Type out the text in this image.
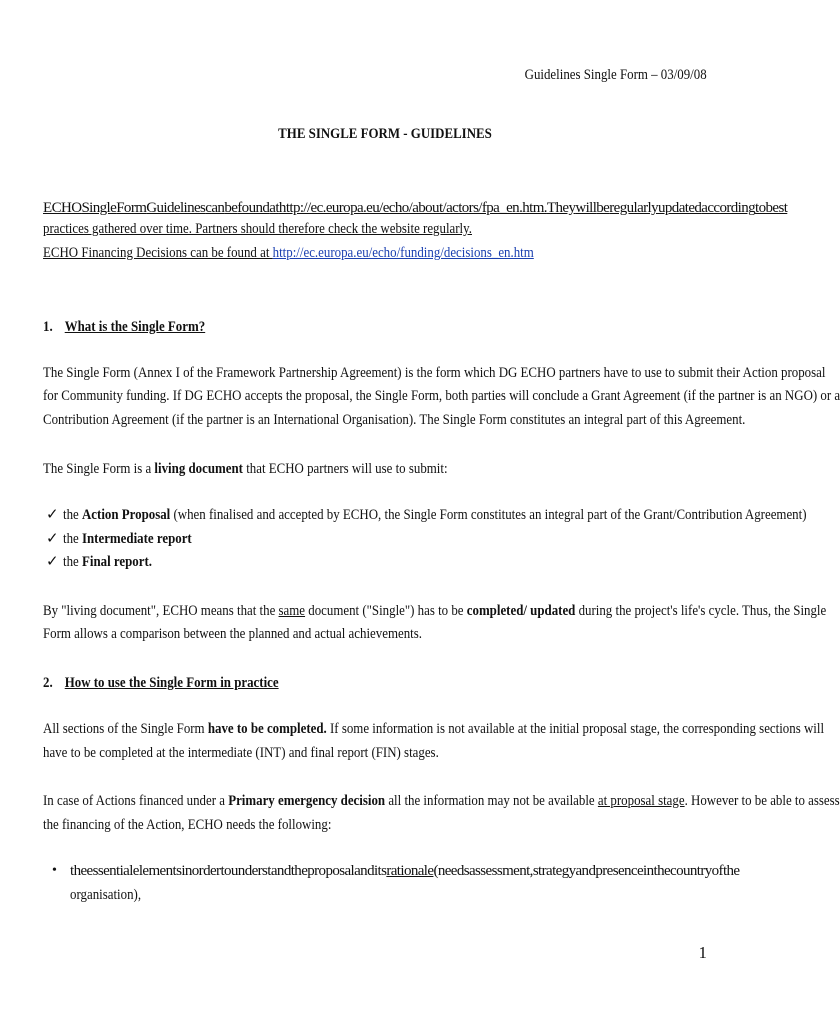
Guidelines Single Form – 03/09/08
THE SINGLE FORM - GUIDELINES
ECHO Single Form Guidelines can be found at http://ec.europa.eu/echo/about/actors/fpa_en.htm. They will be regularly updated according to best
practices gathered over time. Partners should therefore check the website regularly.
ECHO Financing Decisions can be found at http://ec.europa.eu/echo/funding/decisions_en.htm
1. What is the Single Form?
The Single Form (Annex I of the Framework Partnership Agreement) is the form which DG ECHO partners have to use to submit their Action proposal
for Community funding. If DG ECHO accepts the proposal, the Single Form, both parties will conclude a Grant Agreement (if the partner is an NGO) or a
Contribution Agreement (if the partner is an International Organisation). The Single Form constitutes an integral part of this Agreement.
The Single Form is a living document that ECHO partners will use to submit:
✓ the Action Proposal (when finalised and accepted by ECHO, the Single Form constitutes an integral part of the Grant/Contribution Agreement)
✓ the Intermediate report
✓ the Final report.
By "living document", ECHO means that the same document ("Single") has to be completed/ updated during the project's life's cycle. Thus, the Single
Form allows a comparison between the planned and actual achievements.
2. How to use the Single Form in practice
All sections of the Single Form have to be completed. If some information is not available at the initial proposal stage, the corresponding sections will
have to be completed at the intermediate (INT) and final report (FIN) stages.
In case of Actions financed under a Primary emergency decision all the information may not be available at proposal stage. However to be able to assess
the financing of the Action, ECHO needs the following:
• the essential elements in order to understand the proposal and its rationale (needs assessment, strategy and presence in the country of the
organisation),
1
